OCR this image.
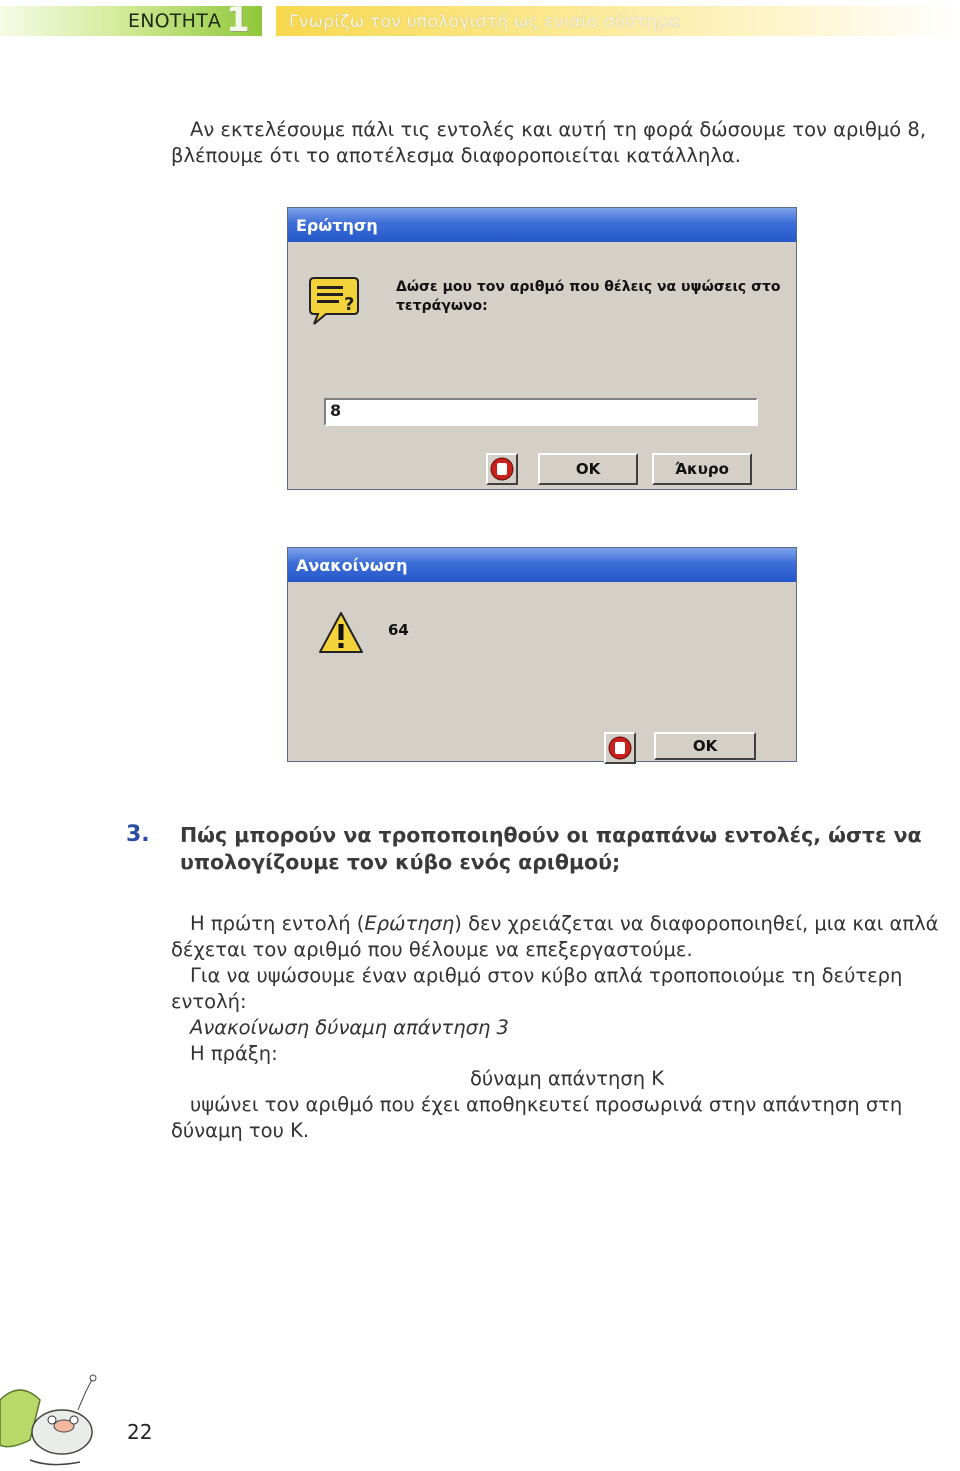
ΕΝΟΤΗΤΑ 1 Γνωρίζω τον υπολογιστή ως ενιαίο σύστημα
Αν εκτελέσουμε πάλι τις εντολές και αυτή τη φορά δώσουμε τον αριθμό 8,
βλέπουμε ότι το αποτέλεσμα διαφοροποιείται κατάλληλα.
Ερώτηση
?
Δώσε μου τον αριθμό που θέλεις να υψώσεις στο
τετράγωνο:
8
OK	Άκυρο
Ανακοίνωση
64
OK
3. Πώς μπορούν να τροποποιηθούν οι παραπάνω εντολές, ώστε να
υπολογίζουμε τον κύβο ενός αριθμού;
Η πρώτη εντολή (Ερώτηση) δεν χρειάζεται να διαφοροποιηθεί, μια και απλά
δέχεται τον αριθμό που θέλουμε να επεξεργαστούμε.
Για να υψώσουμε έναν αριθμό στον κύβο απλά τροποποιούμε τη δεύτερη
εντολή:
Ανακοίνωση δύναμη απάντηση 3
Η πράξη:
δύναμη απάντηση Κ
υψώνει τον αριθμό που έχει αποθηκευτεί προσωρινά στην απάντηση στη
δύναμη του Κ.
22
